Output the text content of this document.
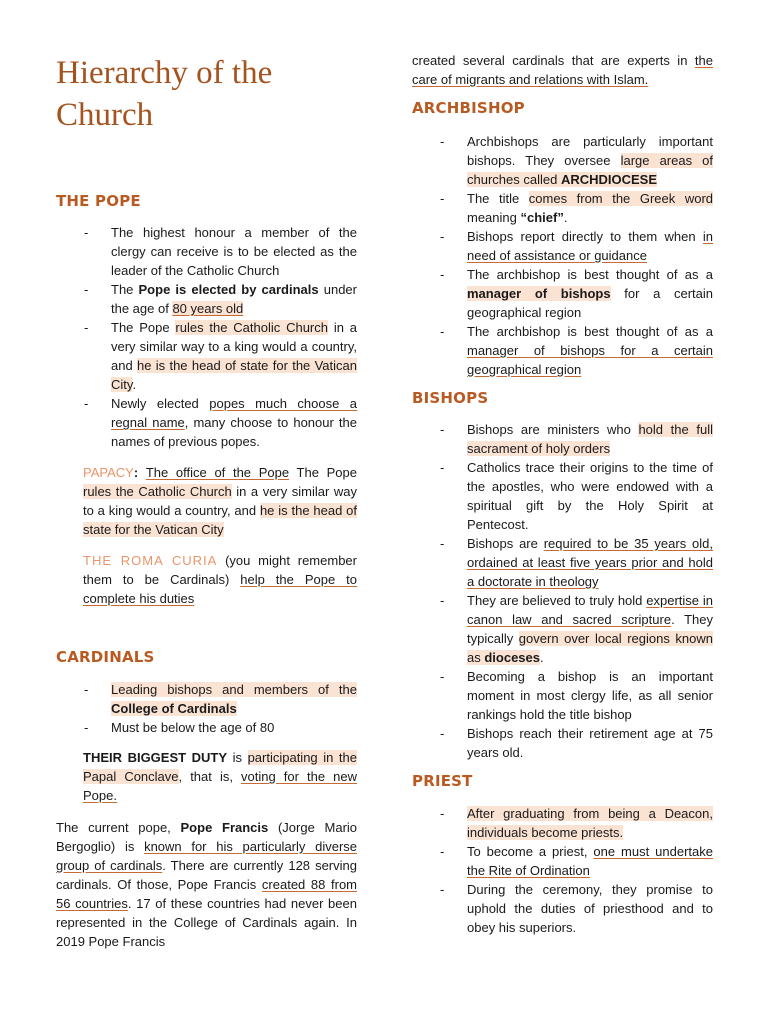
Hierarchy of the Church
THE POPE
- The highest honour a member of the clergy can receive is to be elected as the leader of the Catholic Church
- The Pope is elected by cardinals under the age of 80 years old
- The Pope rules the Catholic Church in a very similar way to a king would a country, and he is the head of state for the Vatican City.
- Newly elected popes much choose a regnal name, many choose to honour the names of previous popes.

PAPACY: The office of the Pope The Pope rules the Catholic Church in a very similar way to a king would a country, and he is the head of state for the Vatican City

THE ROMA CURIA (you might remember them to be Cardinals) help the Pope to complete his duties

CARDINALS
- Leading bishops and members of the College of Cardinals
- Must be below the age of 80

THEIR BIGGEST DUTY is participating in the Papal Conclave, that is, voting for the new Pope.

The current pope, Pope Francis (Jorge Mario Bergoglio) is known for his particularly diverse group of cardinals. There are currently 128 serving cardinals. Of those, Pope Francis created 88 from 56 countries. 17 of these countries had never been represented in the College of Cardinals again. In 2019 Pope Francis

created several cardinals that are experts in the care of migrants and relations with Islam.

ARCHBISHOP
- Archbishops are particularly important bishops. They oversee large areas of churches called ARCHDIOCESE
- The title comes from the Greek word meaning “chief”.
- Bishops report directly to them when in need of assistance or guidance
- The archbishop is best thought of as a manager of bishops for a certain geographical region
- The archbishop is best thought of as a manager of bishops for a certain geographical region
BISHOPS
- Bishops are ministers who hold the full sacrament of holy orders
- Catholics trace their origins to the time of the apostles, who were endowed with a spiritual gift by the Holy Spirit at Pentecost.
- Bishops are required to be 35 years old, ordained at least five years prior and hold a doctorate in theology
- They are believed to truly hold expertise in canon law and sacred scripture. They typically govern over local regions known as dioceses.
- Becoming a bishop is an important moment in most clergy life, as all senior rankings hold the title bishop
- Bishops reach their retirement age at 75 years old.
PRIEST
- After graduating from being a Deacon, individuals become priests.
- To become a priest, one must undertake the Rite of Ordination
- During the ceremony, they promise to uphold the duties of priesthood and to obey his superiors.
